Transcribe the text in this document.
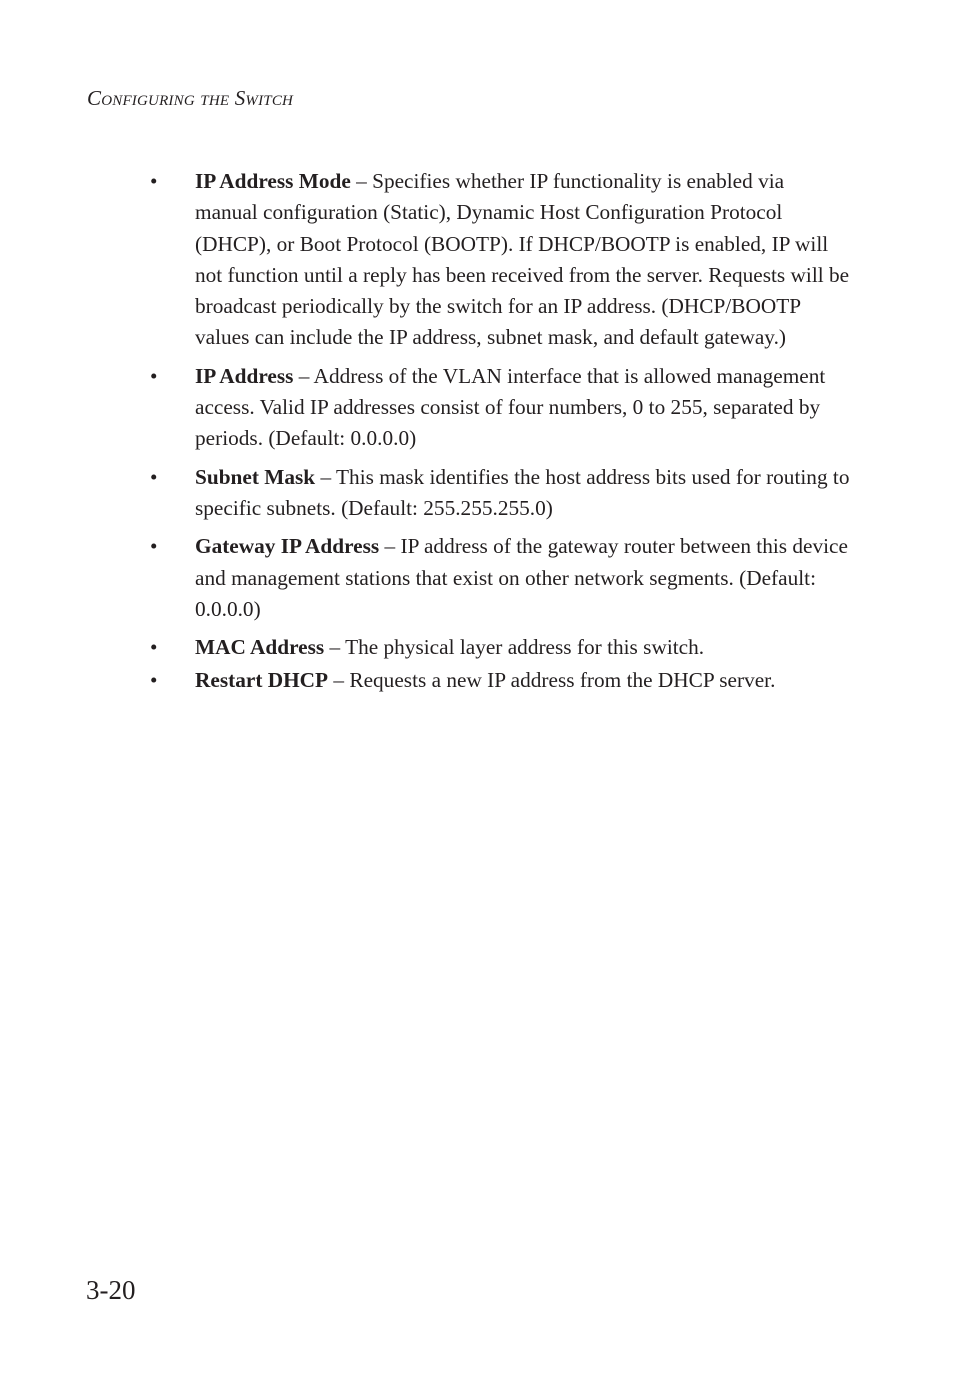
Configuring the Switch
• IP Address Mode – Specifies whether IP functionality is enabled via manual configuration (Static), Dynamic Host Configuration Protocol (DHCP), or Boot Protocol (BOOTP). If DHCP/BOOTP is enabled, IP will not function until a reply has been received from the server. Requests will be broadcast periodically by the switch for an IP address. (DHCP/BOOTP values can include the IP address, subnet mask, and default gateway.)
• IP Address – Address of the VLAN interface that is allowed management access. Valid IP addresses consist of four numbers, 0 to 255, separated by periods. (Default: 0.0.0.0)
• Subnet Mask – This mask identifies the host address bits used for routing to specific subnets. (Default: 255.255.255.0)
• Gateway IP Address – IP address of the gateway router between this device and management stations that exist on other network segments. (Default: 0.0.0.0)
• MAC Address – The physical layer address for this switch.
• Restart DHCP – Requests a new IP address from the DHCP server.
3-20
